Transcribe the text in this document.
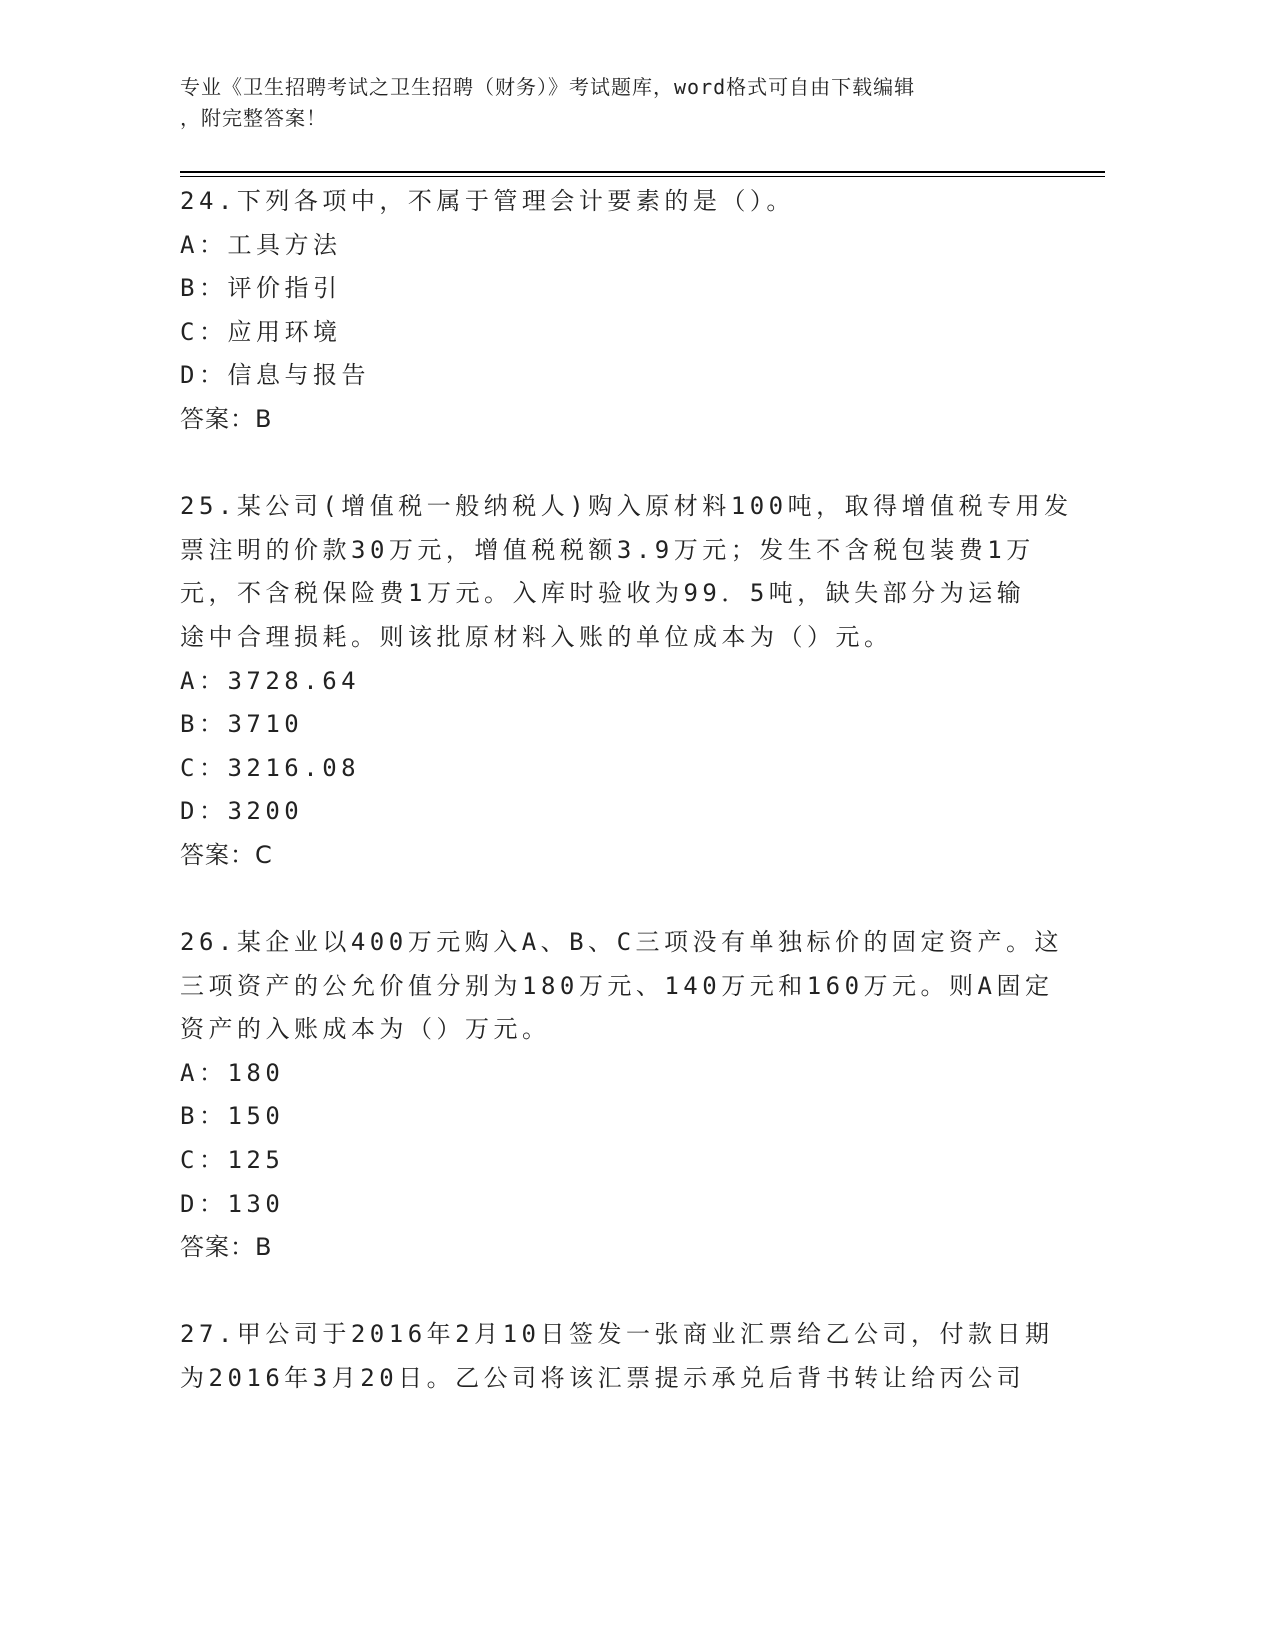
专业《卫生招聘考试之卫生招聘（财务）》考试题库，word格式可自由下载编辑
，附完整答案！
24.下列各项中，不属于管理会计要素的是（）。
A：工具方法
B：评价指引
C：应用环境
D：信息与报告
答案：B
25.某公司(增值税一般纳税人)购入原材料100吨，取得增值税专用发
票注明的价款30万元，增值税税额3.9万元；发生不含税包装费1万
元，不含税保险费1万元。入库时验收为99．5吨，缺失部分为运输
途中合理损耗。则该批原材料入账的单位成本为（）元。
A：3728.64
B：3710
C：3216.08
D：3200
答案：C
26.某企业以400万元购入A、B、C三项没有单独标价的固定资产。这
三项资产的公允价值分别为180万元、140万元和160万元。则A固定
资产的入账成本为（）万元。
A：180
B：150
C：125
D：130
答案：B
27.甲公司于2016年2月10日签发一张商业汇票给乙公司，付款日期
为2016年3月20日。乙公司将该汇票提示承兑后背书转让给丙公司
